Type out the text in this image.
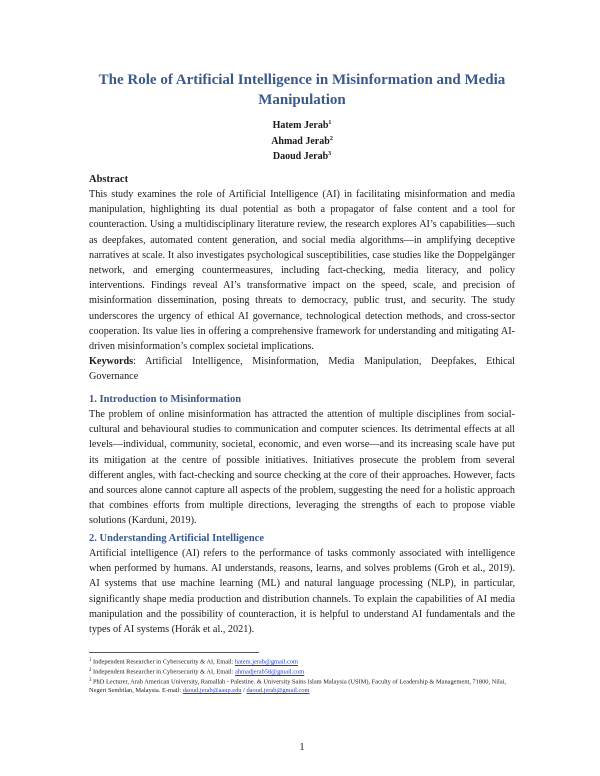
The Role of Artificial Intelligence in Misinformation and Media Manipulation
Hatem Jerab$^1$
Ahmad Jerab$^2$
Daoud Jerab$^3$
Abstract
This study examines the role of Artificial Intelligence (AI) in facilitating misinformation and media manipulation, highlighting its dual potential as both a propagator of false content and a tool for counteraction. Using a multidisciplinary literature review, the research explores AI’s capabilities—such as deepfakes, automated content generation, and social media algorithms—in amplifying deceptive narratives at scale. It also investigates psychological susceptibilities, case studies like the Doppelgänger network, and emerging countermeasures, including fact-checking, media literacy, and policy interventions. Findings reveal AI’s transformative impact on the speed, scale, and precision of misinformation dissemination, posing threats to democracy, public trust, and security. The study underscores the urgency of ethical AI governance, technological detection methods, and cross-sector cooperation. Its value lies in offering a comprehensive framework for understanding and mitigating AI-driven misinformation’s complex societal implications.
Keywords: Artificial Intelligence, Misinformation, Media Manipulation, Deepfakes, Ethical Governance
1. Introduction to Misinformation
The problem of online misinformation has attracted the attention of multiple disciplines from social-cultural and behavioural studies to communication and computer sciences. Its detrimental effects at all levels—individual, community, societal, economic, and even worse—and its increasing scale have put its mitigation at the centre of possible initiatives. Initiatives prosecute the problem from several different angles, with fact-checking and source checking at the core of their approaches. However, facts and sources alone cannot capture all aspects of the problem, suggesting the need for a holistic approach that combines efforts from multiple directions, leveraging the strengths of each to propose viable solutions (Karduni, 2019).
2. Understanding Artificial Intelligence
Artificial intelligence (AI) refers to the performance of tasks commonly associated with intelligence when performed by humans. AI understands, reasons, learns, and solves problems (Groh et al., 2019). AI systems that use machine learning (ML) and natural language processing (NLP), in particular, significantly shape media production and distribution channels. To explain the capabilities of AI media manipulation and the possibility of counteraction, it is helpful to understand AI fundamentals and the types of AI systems (Horák et al., 2021).
$^1$ Independent Researcher in Cybersecurity & AI, Email: hatem.jerab@gmail.com
$^2$ Independent Researcher in Cybersecurity & AI, Email: ahmadjerab58@gmail.com
$^3$ PhD Lecturer, Arab American University, Ramallah - Palestine. & University Sains Islam Malaysia (USIM), Faculty of Leadership & Management, 71800, Nilai, Negeri Sembilan, Malaysia. E-mail: daoud.jerab@aaup.edu / daoud.jerab@gmail.com
1
